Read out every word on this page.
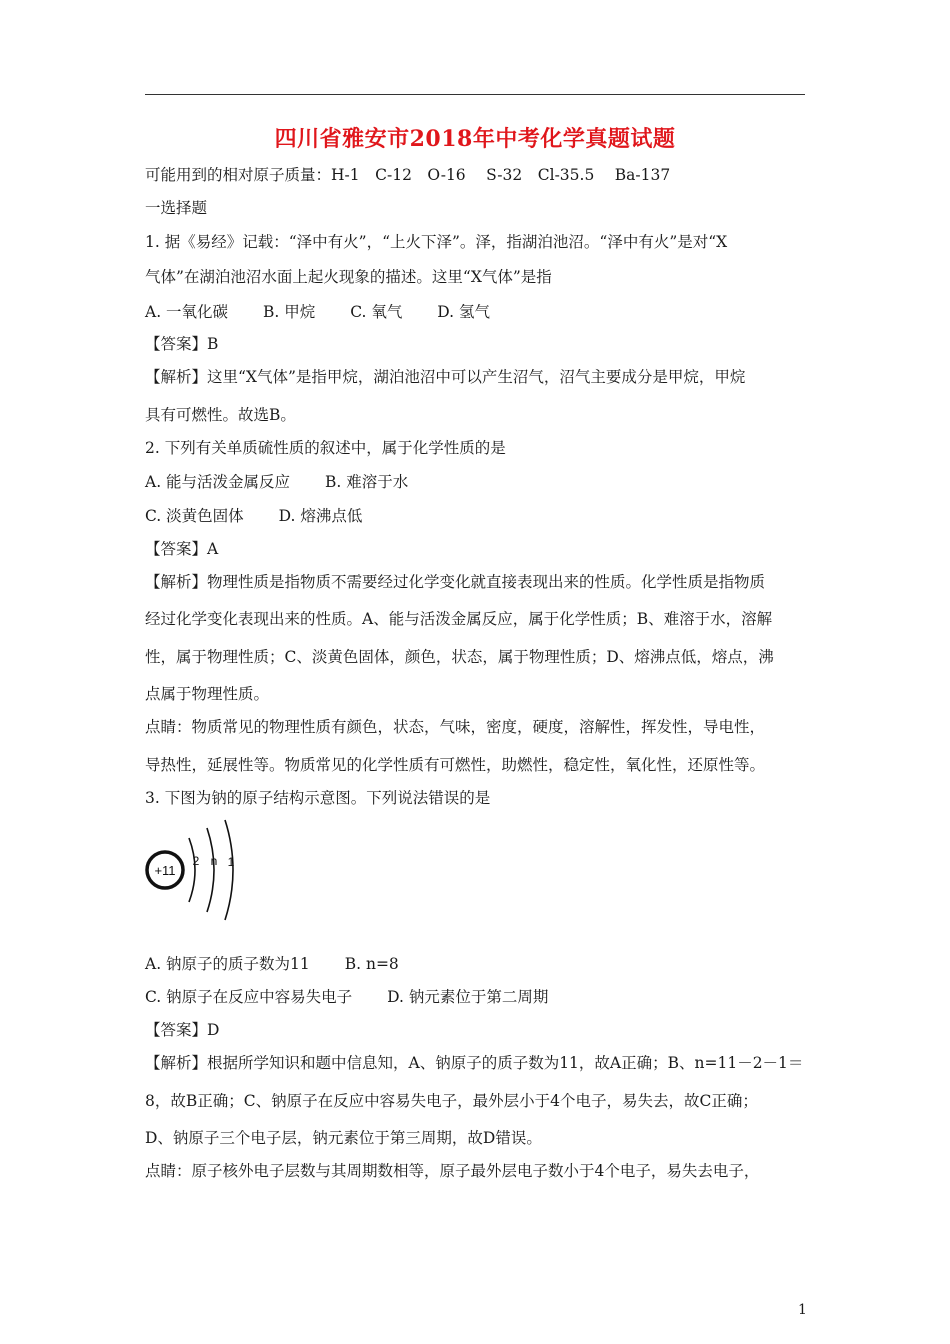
四川省雅安市2018年中考化学真题试题
可能用到的相对原子质量：H-1　C-12　O-16　 S-32　Cl-35.5　 Ba-137
一选择题
1. 据《易经》记载：“泽中有火”，“上火下泽”。泽，指湖泊池沼。“泽中有火”是对“X
气体”在湖泊池沼水面上起火现象的描述。这里“X气体”是指
A. 一氧化碳 B. 甲烷 C. 氧气 D. 氢气
【答案】B
【解析】这里“X气体”是指甲烷，湖泊池沼中可以产生沼气，沼气主要成分是甲烷，甲烷
具有可燃性。故选B。
2. 下列有关单质硫性质的叙述中，属于化学性质的是
A. 能与活泼金属反应 B. 难溶于水
C. 淡黄色固体 D. 熔沸点低
【答案】A
【解析】物理性质是指物质不需要经过化学变化就直接表现出来的性质。化学性质是指物质
经过化学变化表现出来的性质。A、能与活泼金属反应，属于化学性质；B、难溶于水，溶解
性，属于物理性质；C、淡黄色固体，颜色，状态，属于物理性质；D、熔沸点低，熔点，沸
点属于物理性质。
点睛：物质常见的物理性质有颜色，状态，气味，密度，硬度，溶解性，挥发性，导电性，
导热性，延展性等。物质常见的化学性质有可燃性，助燃性，稳定性，氧化性，还原性等。
3. 下图为钠的原子结构示意图。下列说法错误的是
+11
2 n 1
A. 钠原子的质子数为11 B. n=8
C. 钠原子在反应中容易失电子 D. 钠元素位于第二周期
【答案】D
【解析】根据所学知识和题中信息知，A、钠原子的质子数为11，故A正确；B、n=11－2－1＝
8，故B正确；C、钠原子在反应中容易失电子，最外层小于4个电子，易失去，故C正确；
D、钠原子三个电子层，钠元素位于第三周期，故D错误。
点睛：原子核外电子层数与其周期数相等，原子最外层电子数小于4个电子，易失去电子，
1
